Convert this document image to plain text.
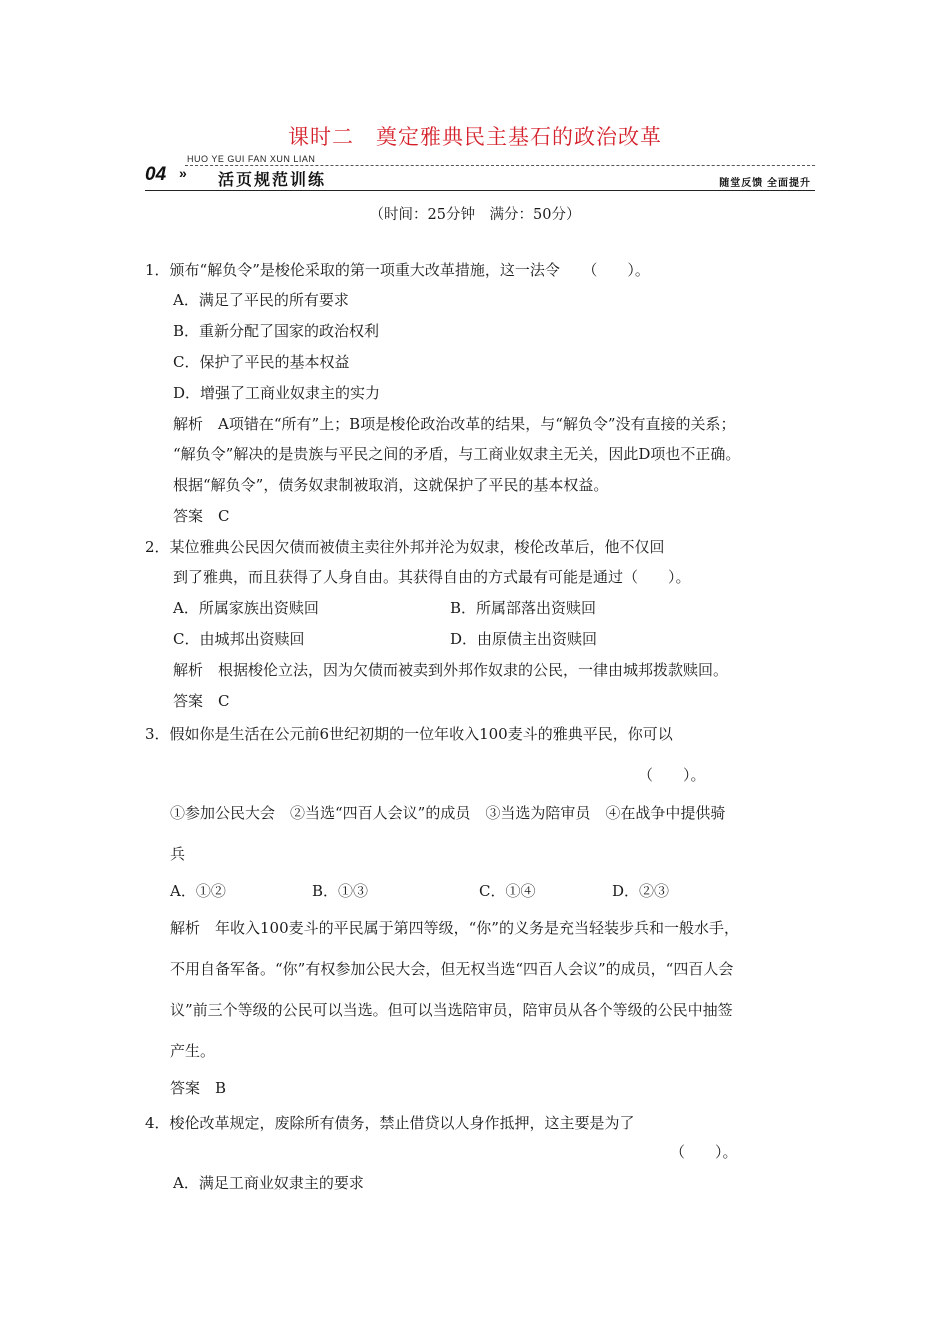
课时二　奠定雅典民主基石的政治改革
04
HUO YE GUI FAN XUN LIAN
» 活页规范训练	随堂反馈 全面提升
（时间：25分钟　满分：50分）
1．颁布“解负令”是梭伦采取的第一项重大改革措施，这一法令　　（　　）。
A．满足了平民的所有要求
B．重新分配了国家的政治权利
C．保护了平民的基本权益
D．增强了工商业奴隶主的实力
解析　A项错在“所有”上；B项是梭伦政治改革的结果，与“解负令”没有直接的关系；
“解负令”解决的是贵族与平民之间的矛盾，与工商业奴隶主无关，因此D项也不正确。
根据“解负令”，债务奴隶制被取消，这就保护了平民的基本权益。
答案　C
2．某位雅典公民因欠债而被债主卖往外邦并沦为奴隶，梭伦改革后，他不仅回
到了雅典，而且获得了人身自由。其获得自由的方式最有可能是通过（　　）。
A．所属家族出资赎回	B．所属部落出资赎回
C．由城邦出资赎回	D．由原债主出资赎回
解析　根据梭伦立法，因为欠债而被卖到外邦作奴隶的公民，一律由城邦拨款赎回。
答案　C
3．假如你是生活在公元前6世纪初期的一位年收入100麦斗的雅典平民，你可以
（　　）。
①参加公民大会　②当选“四百人会议”的成员　③当选为陪审员　④在战争中提供骑
兵
A．①②	B．①③	C．①④	D．②③
解析　年收入100麦斗的平民属于第四等级，“你”的义务是充当轻装步兵和一般水手，
不用自备军备。“你”有权参加公民大会，但无权当选“四百人会议”的成员，“四百人会
议”前三个等级的公民可以当选。但可以当选陪审员，陪审员从各个等级的公民中抽签
产生。
答案　B
4．梭伦改革规定，废除所有债务，禁止借贷以人身作抵押，这主要是为了
（　　）。
A．满足工商业奴隶主的要求
